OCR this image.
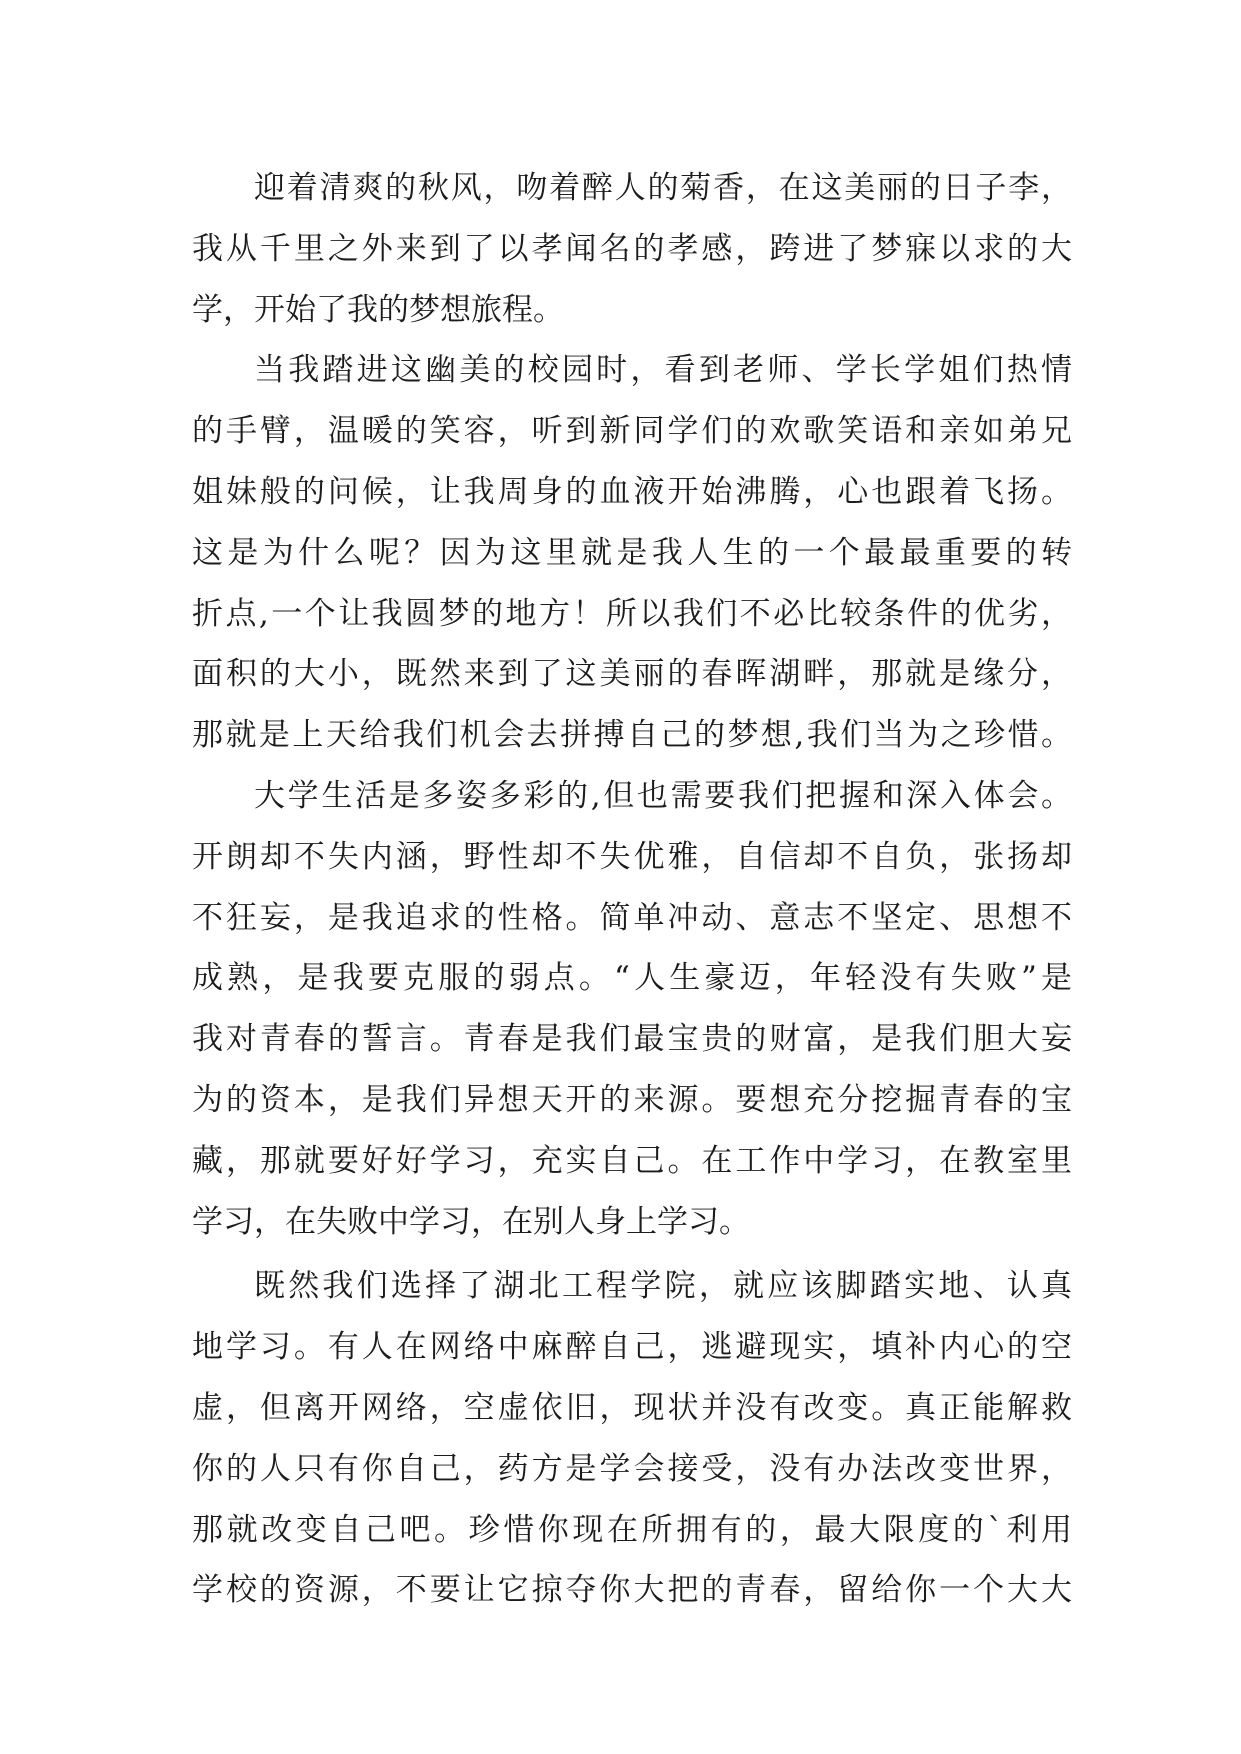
迎着清爽的秋风，吻着醉人的菊香，在这美丽的日子李，
我从千里之外来到了以孝闻名的孝感，跨进了梦寐以求的大
学，开始了我的梦想旅程。
当我踏进这幽美的校园时，看到老师、学长学姐们热情
的手臂，温暖的笑容，听到新同学们的欢歌笑语和亲如弟兄
姐妹般的问候，让我周身的血液开始沸腾，心也跟着飞扬。
这是为什么呢？因为这里就是我人生的一个最最重要的转
折点,一个让我圆梦的地方！所以我们不必比较条件的优劣，
面积的大小，既然来到了这美丽的春晖湖畔，那就是缘分，
那就是上天给我们机会去拼搏自己的梦想,我们当为之珍惜。
大学生活是多姿多彩的,但也需要我们把握和深入体会。
开朗却不失内涵，野性却不失优雅，自信却不自负，张扬却
不狂妄，是我追求的性格。简单冲动、意志不坚定、思想不
成熟，是我要克服的弱点。“人生豪迈，年轻没有失败”是
我对青春的誓言。青春是我们最宝贵的财富，是我们胆大妄
为的资本，是我们异想天开的来源。要想充分挖掘青春的宝
藏，那就要好好学习，充实自己。在工作中学习，在教室里
学习，在失败中学习，在别人身上学习。
既然我们选择了湖北工程学院，就应该脚踏实地、认真
地学习。有人在网络中麻醉自己，逃避现实，填补内心的空
虚，但离开网络，空虚依旧，现状并没有改变。真正能解救
你的人只有你自己，药方是学会接受，没有办法改变世界，
那就改变自己吧。珍惜你现在所拥有的，最大限度的`利用
学校的资源，不要让它掠夺你大把的青春，留给你一个大大
